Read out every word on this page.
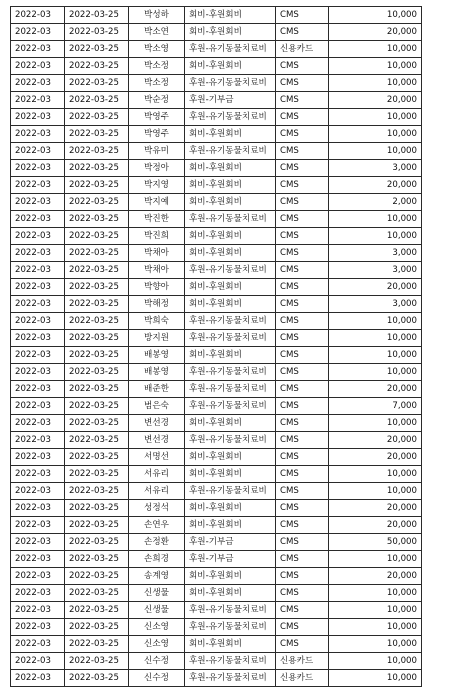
2022-03	2022-03-25	박성하	회비-후원회비	CMS	10,000
2022-03	2022-03-25	박소연	회비-후원회비	CMS	20,000
2022-03	2022-03-25	박소영	후원-유기동물치료비	신용카드	10,000
2022-03	2022-03-25	박소정	회비-후원회비	CMS	10,000
2022-03	2022-03-25	박소정	후원-유기동물치료비	CMS	10,000
2022-03	2022-03-25	박순정	후원-기부금	CMS	20,000
2022-03	2022-03-25	박영주	후원-유기동물치료비	CMS	10,000
2022-03	2022-03-25	박영주	회비-후원회비	CMS	10,000
2022-03	2022-03-25	박유미	후원-유기동물치료비	CMS	10,000
2022-03	2022-03-25	박정아	회비-후원회비	CMS	3,000
2022-03	2022-03-25	박지영	회비-후원회비	CMS	20,000
2022-03	2022-03-25	박지예	회비-후원회비	CMS	2,000
2022-03	2022-03-25	박진한	후원-유기동물치료비	CMS	10,000
2022-03	2022-03-25	박진희	회비-후원회비	CMS	10,000
2022-03	2022-03-25	박채아	회비-후원회비	CMS	3,000
2022-03	2022-03-25	박채아	후원-유기동물치료비	CMS	3,000
2022-03	2022-03-25	박향아	회비-후원회비	CMS	20,000
2022-03	2022-03-25	박해정	회비-후원회비	CMS	3,000
2022-03	2022-03-25	박희숙	후원-유기동물치료비	CMS	10,000
2022-03	2022-03-25	방지원	후원-유기동물치료비	CMS	10,000
2022-03	2022-03-25	배봉영	회비-후원회비	CMS	10,000
2022-03	2022-03-25	배봉영	후원-유기동물치료비	CMS	10,000
2022-03	2022-03-25	배준한	후원-유기동물치료비	CMS	20,000
2022-03	2022-03-25	범은숙	후원-유기동물치료비	CMS	7,000
2022-03	2022-03-25	변선경	회비-후원회비	CMS	10,000
2022-03	2022-03-25	변선경	후원-유기동물치료비	CMS	20,000
2022-03	2022-03-25	서명선	회비-후원회비	CMS	20,000
2022-03	2022-03-25	서유리	회비-후원회비	CMS	10,000
2022-03	2022-03-25	서유리	후원-유기동물치료비	CMS	10,000
2022-03	2022-03-25	성정석	회비-후원회비	CMS	20,000
2022-03	2022-03-25	손연우	회비-후원회비	CMS	20,000
2022-03	2022-03-25	손정환	후원-기부금	CMS	50,000
2022-03	2022-03-25	손희경	후원-기부금	CMS	10,000
2022-03	2022-03-25	송계영	회비-후원회비	CMS	20,000
2022-03	2022-03-25	신생물	회비-후원회비	CMS	10,000
2022-03	2022-03-25	신생물	후원-유기동물치료비	CMS	10,000
2022-03	2022-03-25	신소영	후원-유기동물치료비	CMS	10,000
2022-03	2022-03-25	신소영	회비-후원회비	CMS	10,000
2022-03	2022-03-25	신수정	후원-유기동물치료비	신용카드	10,000
2022-03	2022-03-25	신수정	후원-유기동물치료비	신용카드	10,000
